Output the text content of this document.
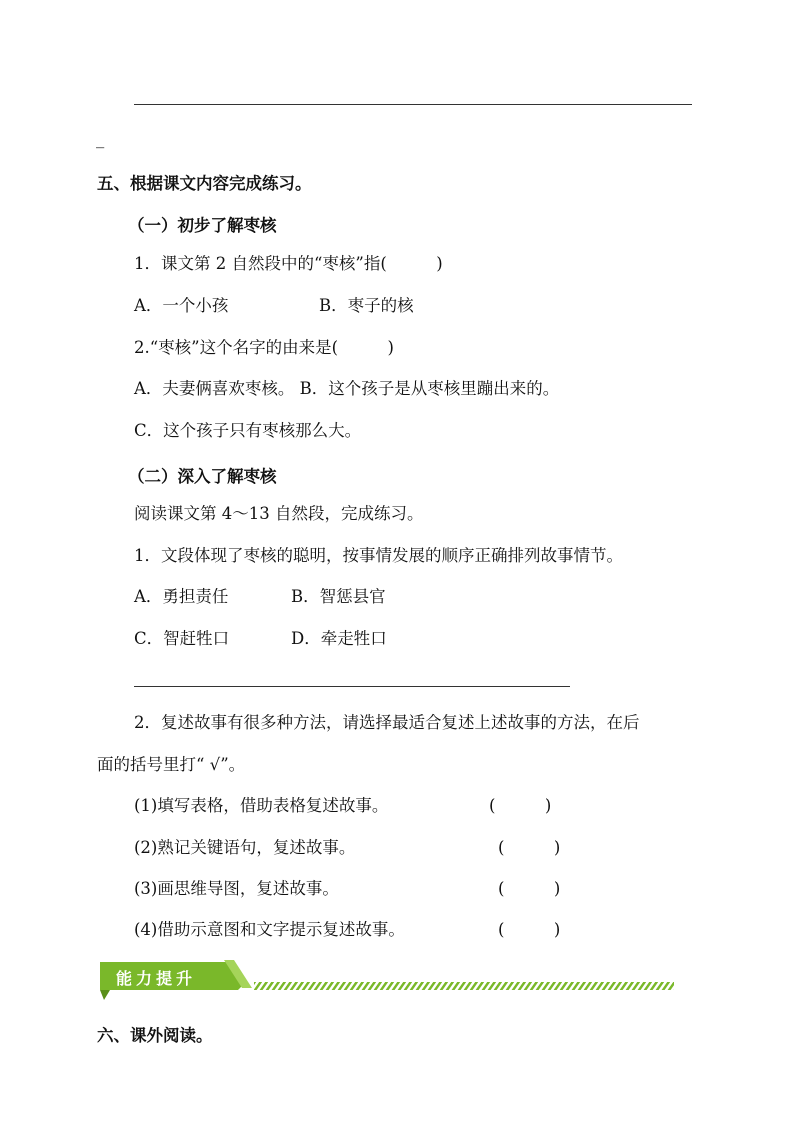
_
五、根据课文内容完成练习。
（一）初步了解枣核
1．课文第 2 自然段中的“枣核”指(　　　)
A．一个小孩	B．枣子的核
2.“枣核”这个名字的由来是(　　　)
A．夫妻俩喜欢枣核。 B．这个孩子是从枣核里蹦出来的。
C．这个孩子只有枣核那么大。
（二）深入了解枣核
阅读课文第 4～13 自然段，完成练习。
1．文段体现了枣核的聪明，按事情发展的顺序正确排列故事情节。
A．勇担责任	B．智惩县官
C．智赶牲口	D．牵走牲口
2．复述故事有很多种方法，请选择最适合复述上述故事的方法，在后
面的括号里打“ √”。
(1)填写表格，借助表格复述故事。	(　　　)
(2)熟记关键语句，复述故事。	(　　　)
(3)画思维导图，复述故事。	(　　　)
(4)借助示意图和文字提示复述故事。	(　　　)
能力提升
六、课外阅读。
